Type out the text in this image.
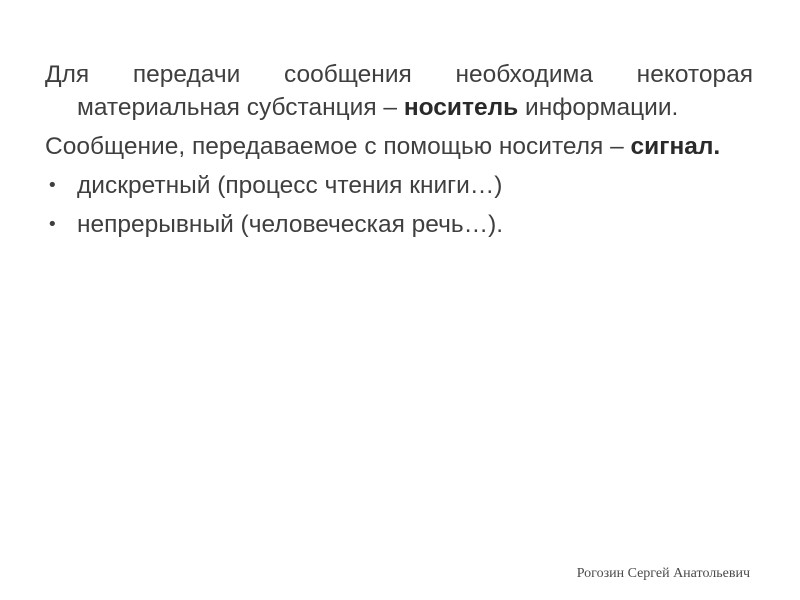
Для передачи сообщения необходима некоторая материальная субстанция – носитель информации.

Сообщение, передаваемое с помощью носителя – сигнал.

• дискретный (процесс чтения книги…)
• непрерывный (человеческая речь…).
Рогозин Сергей Анатольевич
